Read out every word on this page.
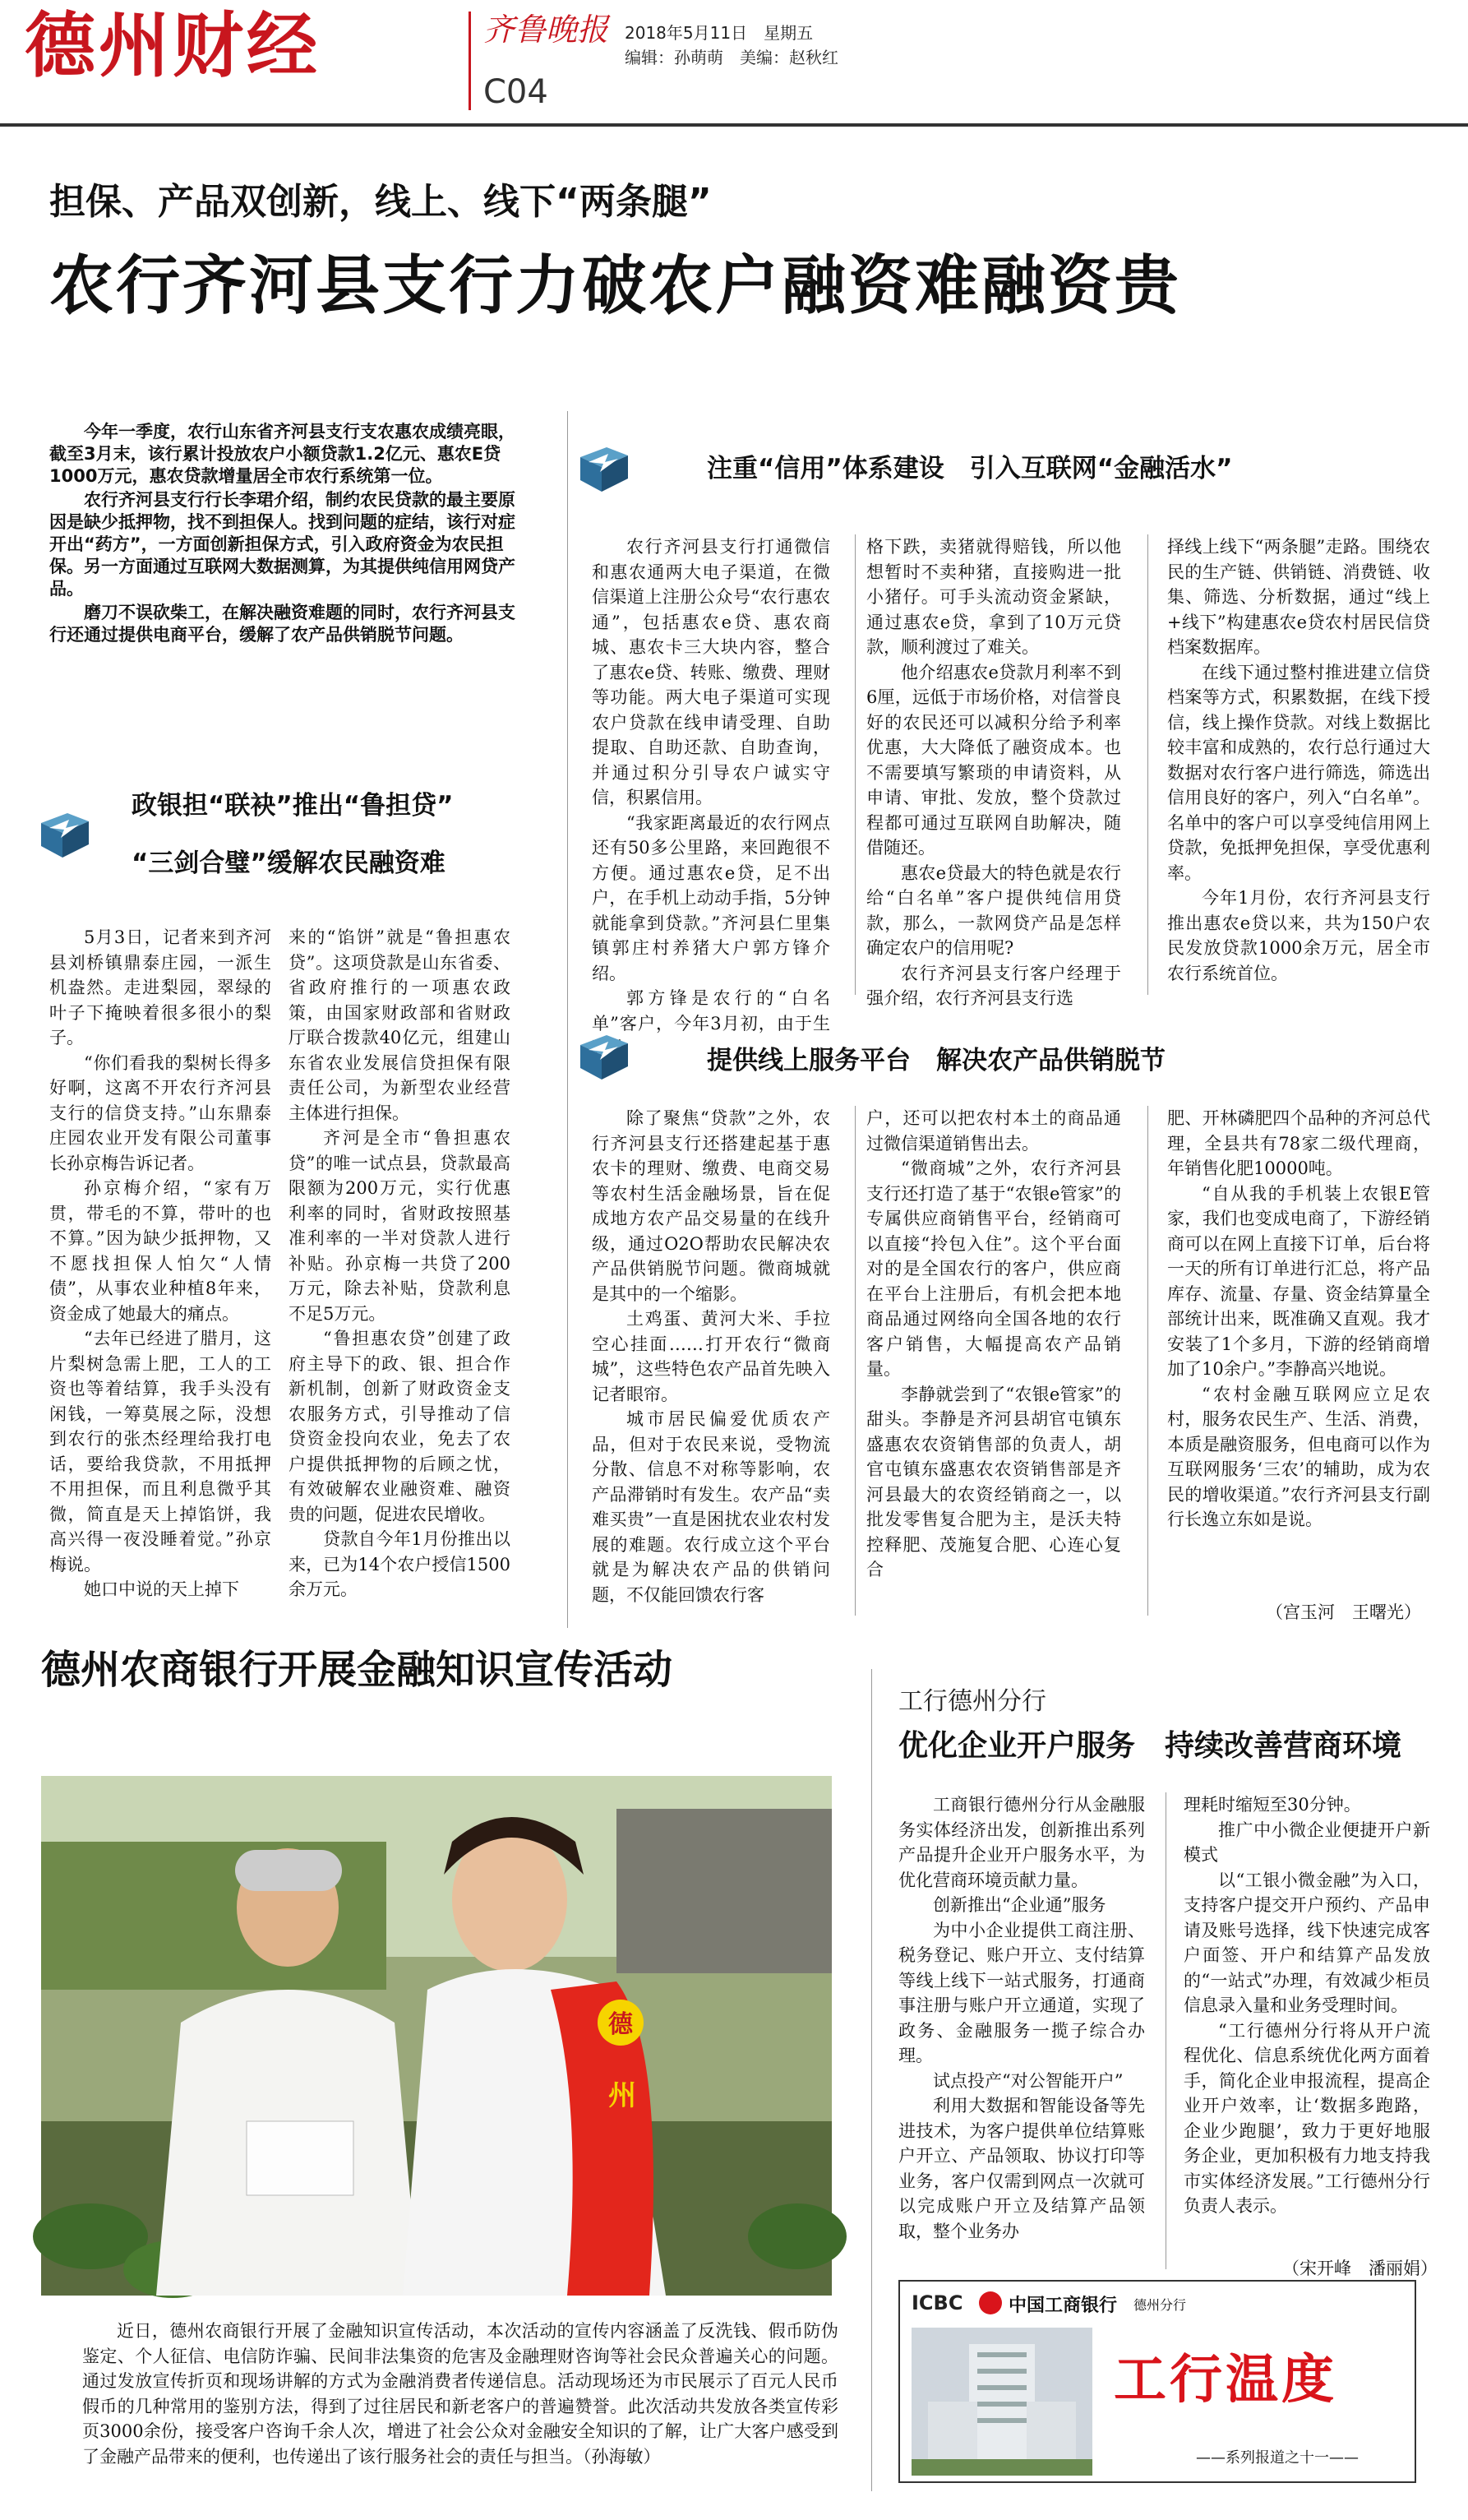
德州财经	齐鲁晚报
C04
2018年5月11日　星期五
编辑：孙萌萌　美编：赵秋红
担保、产品双创新，线上、线下“两条腿”
农行齐河县支行力破农户融资难融资贵

今年一季度，农行山东省齐河县支行支农惠农成绩亮眼，截至3月末，该行累计投放农户小额贷款1.2亿元、惠农E贷1000万元，惠农贷款增量居全市农行系统第一位。

农行齐河县支行行长李珺介绍，制约农民贷款的最主要原因是缺少抵押物，找不到担保人。找到问题的症结，该行对症开出“药方”，一方面创新担保方式，引入政府资金为农民担保。另一方面通过互联网大数据测算，为其提供纯信用网贷产品。

磨刀不误砍柴工，在解决融资难题的同时，农行齐河县支行还通过提供电商平台，缓解了农产品供销脱节问题。

政银担“联袂”推出“鲁担贷”
“三剑合璧”缓解农民融资难

5月3日，记者来到齐河县刘桥镇鼎泰庄园，一派生机盎然。走进梨园，翠绿的叶子下掩映着很多很小的梨子。

“你们看我的梨树长得多好啊，这离不开农行齐河县支行的信贷支持。”山东鼎泰庄园农业开发有限公司董事长孙京梅告诉记者。

孙京梅介绍，“家有万贯，带毛的不算，带叶的也不算。”因为缺少抵押物，又不愿找担保人怕欠“人情债”，从事农业种植8年来，资金成了她最大的痛点。

“去年已经进了腊月，这片梨树急需上肥，工人的工资也等着结算，我手头没有闲钱，一筹莫展之际，没想到农行的张杰经理给我打电话，要给我贷款，不用抵押不用担保，而且利息微乎其微，简直是天上掉馅饼，我高兴得一夜没睡着觉。”孙京梅说。

她口中说的天上掉下

来的“馅饼”就是“鲁担惠农贷”。这项贷款是山东省委、省政府推行的一项惠农政策，由国家财政部和省财政厅联合拨款40亿元，组建山东省农业发展信贷担保有限责任公司，为新型农业经营主体进行担保。

齐河是全市“鲁担惠农贷”的唯一试点县，贷款最高限额为200万元，实行优惠利率的同时，省财政按照基准利率的一半对贷款人进行补贴。孙京梅一共贷了200万元，除去补贴，贷款利息不足5万元。

“鲁担惠农贷”创建了政府主导下的政、银、担合作新机制，创新了财政资金支农服务方式，引导推动了信贷资金投向农业，免去了农户提供抵押物的后顾之忧，有效破解农业融资难、融资贵的问题，促进农民增收。

贷款自今年1月份推出以来，已为14个农户授信1500余万元。

注重“信用”体系建设　引入互联网“金融活水”

农行齐河县支行打通微信和惠农通两大电子渠道，在微信渠道上注册公众号“农行惠农通”，包括惠农e贷、惠农商城、惠农卡三大块内容，整合了惠农e贷、转账、缴费、理财等功能。两大电子渠道可实现农户贷款在线申请受理、自助提取、自助还款、自助查询，并通过积分引导农户诚实守信，积累信用。

“我家距离最近的农行网点还有50多公里路，来回跑很不方便。通过惠农e贷，足不出户，在手机上动动手指，5分钟就能拿到贷款。”齐河县仁里集镇郭庄村养猪大户郭方锋介绍。

郭方锋是农行的“白名单”客户，今年3月初，由于生

格下跌，卖猪就得赔钱，所以他想暂时不卖种猪，直接购进一批小猪仔。可手头流动资金紧缺，通过惠农e贷，拿到了10万元贷款，顺利渡过了难关。

他介绍惠农e贷款月利率不到6厘，远低于市场价格，对信誉良好的农民还可以减积分给予利率优惠，大大降低了融资成本。也不需要填写繁琐的申请资料，从申请、审批、发放，整个贷款过程都可通过互联网自助解决，随借随还。

惠农e贷最大的特色就是农行给“白名单”客户提供纯信用贷款，那么，一款网贷产品是怎样确定农户的信用呢?

农行齐河县支行客户经理于强介绍，农行齐河县支行选

择线上线下“两条腿”走路。围绕农民的生产链、供销链、消费链、收集、筛选、分析数据，通过“线上+线下”构建惠农e贷农村居民信贷档案数据库。

在线下通过整村推进建立信贷档案等方式，积累数据，在线下授信，线上操作贷款。对线上数据比较丰富和成熟的，农行总行通过大数据对农行客户进行筛选，筛选出信用良好的客户，列入“白名单”。名单中的客户可以享受纯信用网上贷款，免抵押免担保，享受优惠利率。

今年1月份，农行齐河县支行推出惠农e贷以来，共为150户农民发放贷款1000余万元，居全市农行系统首位。

提供线上服务平台　解决农产品供销脱节

除了聚焦“贷款”之外，农行齐河县支行还搭建起基于惠农卡的理财、缴费、电商交易等农村生活金融场景，旨在促成地方农产品交易量的在线升级，通过O2O帮助农民解决农产品供销脱节问题。微商城就是其中的一个缩影。

土鸡蛋、黄河大米、手拉空心挂面……打开农行“微商城”，这些特色农产品首先映入记者眼帘。

城市居民偏爱优质农产品，但对于农民来说，受物流分散、信息不对称等影响，农产品滞销时有发生。农产品“卖难买贵”一直是困扰农业农村发展的难题。农行成立这个平台就是为解决农产品的供销问题，不仅能回馈农行客

户，还可以把农村本土的商品通过微信渠道销售出去。

“微商城”之外，农行齐河县支行还打造了基于“农银e管家”的专属供应商销售平台，经销商可以直接“拎包入住”。这个平台面对的是全国农行的客户，供应商在平台上注册后，有机会把本地商品通过网络向全国各地的农行客户销售，大幅提高农产品销量。

李静就尝到了“农银e管家”的甜头。李静是齐河县胡官屯镇东盛惠农农资销售部的负责人，胡官屯镇东盛惠农农资销售部是齐河县最大的农资经销商之一，以批发零售复合肥为主，是沃夫特控释肥、茂施复合肥、心连心复合

肥、开林磷肥四个品种的齐河总代理，全县共有78家二级代理商，年销售化肥10000吨。

“自从我的手机装上农银E管家，我们也变成电商了，下游经销商可以在网上直接下订单，后台将一天的所有订单进行汇总，将产品库存、流量、存量、资金结算量全部统计出来，既准确又直观。我才安装了1个多月，下游的经销商增加了10余户。”李静高兴地说。

“农村金融互联网应立足农村，服务农民生产、生活、消费，本质是融资服务，但电商可以作为互联网服务‘三农’的辅助，成为农民的增收渠道。”农行齐河县支行副行长逸立东如是说。

（宫玉河　王曙光）
德州农商银行开展金融知识宣传活动
德
州

近日，德州农商银行开展了金融知识宣传活动，本次活动的宣传内容涵盖了反洗钱、假币防伪鉴定、个人征信、电信防诈骗、民间非法集资的危害及金融理财咨询等社会民众普遍关心的问题。通过发放宣传折页和现场讲解的方式为金融消费者传递信息。活动现场还为市民展示了百元人民币假币的几种常用的鉴别方法，得到了过往居民和新老客户的普遍赞誉。此次活动共发放各类宣传彩页3000余份，接受客户咨询千余人次，增进了社会公众对金融安全知识的了解，让广大客户感受到了金融产品带来的便利，也传递出了该行服务社会的责任与担当。（孙海敏）

工行德州分行
优化企业开户服务　持续改善营商环境

工商银行德州分行从金融服务实体经济出发，创新推出系列产品提升企业开户服务水平，为优化营商环境贡献力量。

创新推出“企业通”服务

为中小企业提供工商注册、税务登记、账户开立、支付结算等线上线下一站式服务，打通商事注册与账户开立通道，实现了政务、金融服务一揽子综合办理。

试点投产“对公智能开户”

利用大数据和智能设备等先进技术，为客户提供单位结算账户开立、产品领取、协议打印等业务，客户仅需到网点一次就可以完成账户开立及结算产品领取，整个业务办

理耗时缩短至30分钟。

推广中小微企业便捷开户新模式

以“工银小微金融”为入口，支持客户提交开户预约、产品申请及账号选择，线下快速完成客户面签、开户和结算产品发放的“一站式”办理，有效减少柜员信息录入量和业务受理时间。

“工行德州分行将从开户流程优化、信息系统优化两方面着手，简化企业申报流程，提高企业开户效率，让‘数据多跑路，企业少跑腿’，致力于更好地服务企业，更加积极有力地支持我市实体经济发展。”工行德州分行负责人表示。

（宋开峰　潘丽娟）
ICBC	中国工商银行 德州分行
工行温度
——系列报道之十一——
